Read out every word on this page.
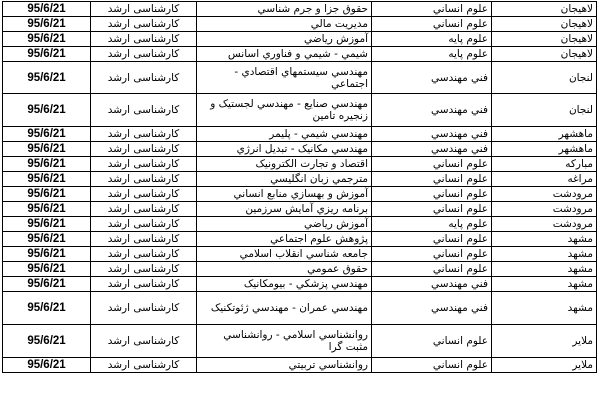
95/6/21	کارشناسی ارشد	حقوق جزا و جرم شناسي	علوم انساني	لاهيجان
95/6/21	کارشناسی ارشد	مديريت مالي	علوم انساني	لاهيجان
95/6/21	کارشناسی ارشد	آموزش رياضي	علوم پايه	لاهيجان
95/6/21	کارشناسی ارشد	شيمي - شيمي و فناوري اسانس	علوم پايه	لاهيجان
95/6/21	کارشناسی ارشد	مهندسي سيستمهاي اقتصادي - اجتماعي	فني مهندسي	لنجان
95/6/21	کارشناسی ارشد	مهندسي صنايع - مهندسي لجستيک و زنجيره تامين	فني مهندسي	لنجان
95/6/21	کارشناسی ارشد	مهندسي شيمي - پليمر	فني مهندسي	ماهشهر
95/6/21	کارشناسی ارشد	مهندسي مکانيک - تبديل انرژي	فني مهندسي	ماهشهر
95/6/21	کارشناسی ارشد	اقتصاد و تجارت الکترونيک	علوم انساني	مبارکه
95/6/21	کارشناسی ارشد	مترجمي زبان انگليسي	علوم انساني	مراغه
95/6/21	کارشناسی ارشد	آموزش و بهسازي منابع انساني	علوم انساني	مرودشت
95/6/21	کارشناسی ارشد	برنامه ريزي آمايش سرزمين	علوم انساني	مرودشت
95/6/21	کارشناسی ارشد	آموزش رياضي	علوم پايه	مرودشت
95/6/21	کارشناسی ارشد	پژوهش علوم اجتماعي	علوم انساني	مشهد
95/6/21	کارشناسی ارشد	جامعه شناسي انقلاب اسلامي	علوم انساني	مشهد
95/6/21	کارشناسی ارشد	حقوق عمومي	علوم انساني	مشهد
95/6/21	کارشناسی ارشد	مهندسي پزشکي - بيومکانيک	فني مهندسي	مشهد
95/6/21	کارشناسی ارشد	مهندسي عمران - مهندسي ژئوتکنيک	فني مهندسي	مشهد
95/6/21	کارشناسی ارشد	روانشناسي اسلامي - روانشناسي مثبت گرا	علوم انساني	ملاير
95/6/21	کارشناسی ارشد	روانشناسي تربيتي	علوم انساني	ملاير
